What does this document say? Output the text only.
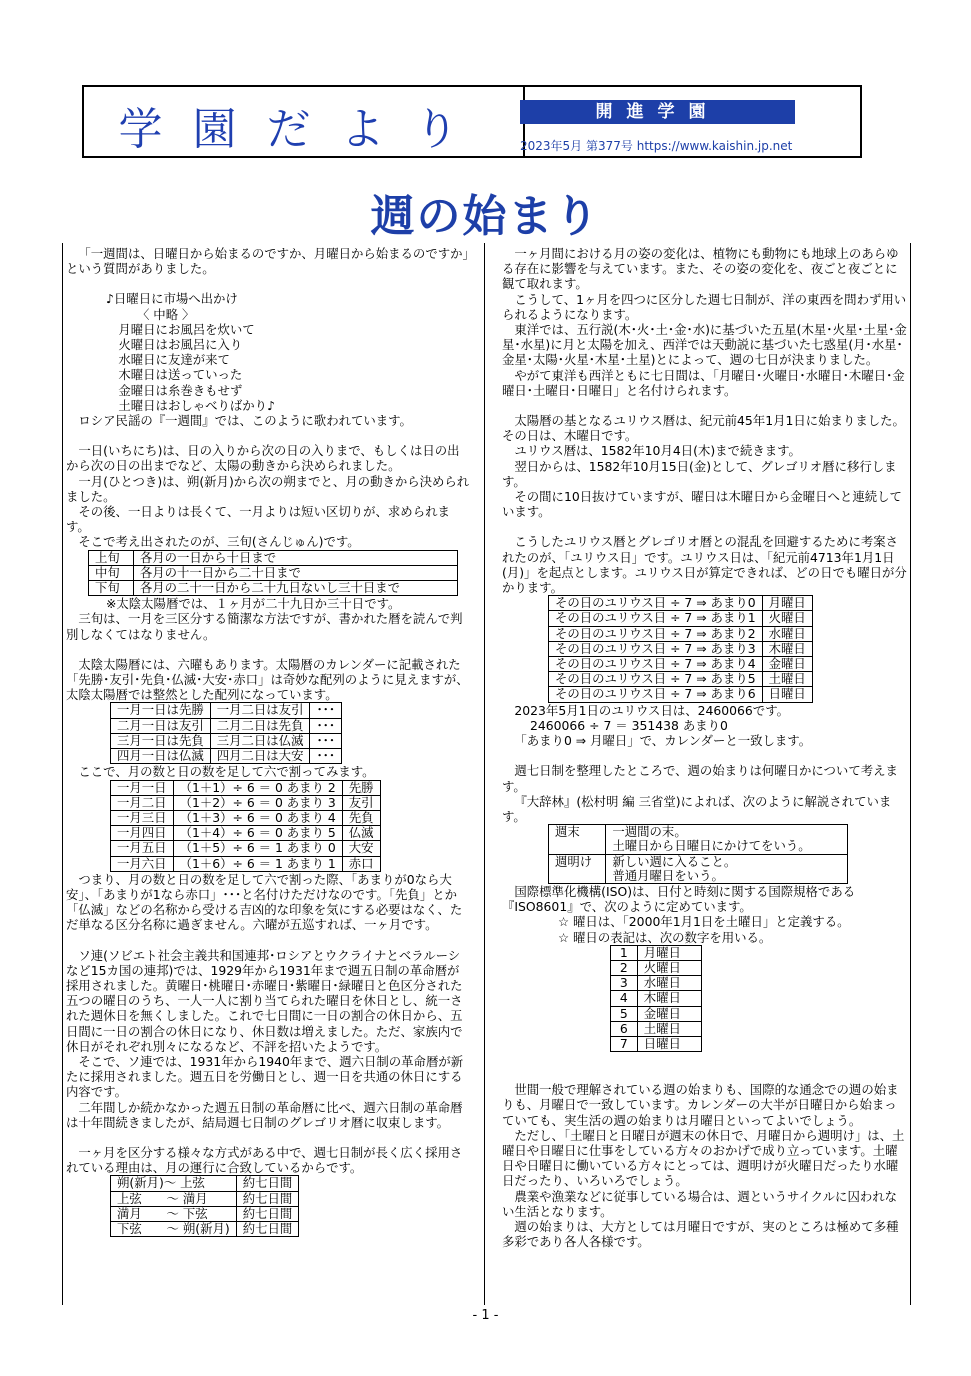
学園だより	開進学園
2023年5月 第377号 https://www.kaishin.jp.net
週の始まり

「一週間は、日曜日から始まるのですか、月曜日から始まるのですか」という質問がありました。

♪日曜日に市場へ出かけ
　　　〈 中略 〉
　月曜日にお風呂を炊いて
　火曜日はお風呂に入り
　水曜日に友達が来て
　木曜日は送っていった
　金曜日は糸巻きもせず
　土曜日はおしゃべりばかり♪

ロシア民謡の『一週間』では、このように歌われています。

一日(いちにち)は、日の入りから次の日の入りまで、もしくは日の出から次の日の出までなど、太陽の動きから決められました。

一月(ひとつき)は、朔(新月)から次の朔までと、月の動きから決められました。

その後、一日よりは長くて、一月よりは短い区切りが、求められます。

そこで考え出されたのが、三旬(さんじゅん)です。

上旬	各月の一日から十日まで
中旬	各月の十一日から二十日まで
下旬	各月の二十一日から二十九日ないし三十日まで

※太陰太陽暦では、１ヶ月が二十九日か三十日です。

三旬は、一月を三区分する簡潔な方法ですが、書かれた暦を読んで判別しなくてはなりません。

太陰太陽暦には、六曜もあります。太陽暦のカレンダーに記載された「先勝･友引･先負･仏滅･大安･赤口」は奇妙な配列のように見えますが、太陰太陽暦では整然とした配列になっています。

一月一日は先勝	一月二日は友引	･･･
二月一日は友引	二月二日は先負	･･･
三月一日は先負	三月二日は仏滅	･･･
四月一日は仏滅	四月二日は大安	･･･

ここで、月の数と日の数を足して六で割ってみます。

一月一日	（1＋1）÷ 6 ＝ 0 あまり 2	先勝
一月二日	（1＋2）÷ 6 ＝ 0 あまり 3	友引
一月三日	（1＋3）÷ 6 ＝ 0 あまり 4	先負
一月四日	（1＋4）÷ 6 ＝ 0 あまり 5	仏滅
一月五日	（1＋5）÷ 6 ＝ 1 あまり 0	大安
一月六日	（1＋6）÷ 6 ＝ 1 あまり 1	赤口

つまり、月の数と日の数を足して六で割った際、「あまりが0なら大安」、「あまりが1なら赤口」･･･と名付けただけなのです。「先負」とか「仏滅」などの名称から受ける吉凶的な印象を気にする必要はなく、ただ単なる区分名称に過ぎません。六曜が五巡すれば、一ヶ月です。

ソ連(ソビエト社会主義共和国連邦･ロシアとウクライナとベラルーシなど15カ国の連邦)では、1929年から1931年まで週五日制の革命暦が採用されました。黄曜日･桃曜日･赤曜日･紫曜日･緑曜日と色区分された五つの曜日のうち、一人一人に割り当てられた曜日を休日とし、統一された週休日を無くしました。これで七日間に一日の割合の休日から、五日間に一日の割合の休日になり、休日数は増えました。ただ、家族内で休日がそれぞれ別々になるなど、不評を招いたようです。

そこで、ソ連では、1931年から1940年まで、週六日制の革命暦が新たに採用されました。週五日を労働日とし、週一日を共通の休日にする内容です。

二年間しか続かなかった週五日制の革命暦に比べ、週六日制の革命暦は十年間続きましたが、結局週七日制のグレゴリオ暦に収束します。

一ヶ月を区分する様々な方式がある中で、週七日制が長く広く採用されている理由は、月の運行に合致しているからです。

朔(新月)～ 上弦	約七日間
上弦　　～ 満月	約七日間
満月　　～ 下弦	約七日間
下弦　　～ 朔(新月)	約七日間

一ヶ月間における月の姿の変化は、植物にも動物にも地球上のあらゆる存在に影響を与えています。また、その姿の変化を、夜ごと夜ごとに観て取れます。

こうして、1ヶ月を四つに区分した週七日制が、洋の東西を問わず用いられるようになります。

東洋では、五行説(木･火･土･金･水)に基づいた五星(木星･火星･土星･金星･水星)に月と太陽を加え、西洋では天動説に基づいた七惑星(月･水星･金星･太陽･火星･木星･土星)とによって、週の七日が決まりました。

やがて東洋も西洋ともに七日間は、「月曜日･火曜日･水曜日･木曜日･金曜日･土曜日･日曜日」と名付けられます。

太陽暦の基となるユリウス暦は、紀元前45年1月1日に始まりました。その日は、木曜日です。

ユリウス暦は、1582年10月4日(木)まで続きます。

翌日からは、1582年10月15日(金)として、グレゴリオ暦に移行します。

その間に10日抜けていますが、曜日は木曜日から金曜日へと連続しています。

こうしたユリウス暦とグレゴリオ暦との混乱を回避するために考案されたのが、「ユリウス日」です。ユリウス日は、「紀元前4713年1月1日(月)」を起点とします。ユリウス日が算定できれば、どの日でも曜日が分かります。

その日のユリウス日 ÷ 7 ⇒ あまり0	月曜日
その日のユリウス日 ÷ 7 ⇒ あまり1	火曜日
その日のユリウス日 ÷ 7 ⇒ あまり2	水曜日
その日のユリウス日 ÷ 7 ⇒ あまり3	木曜日
その日のユリウス日 ÷ 7 ⇒ あまり4	金曜日
その日のユリウス日 ÷ 7 ⇒ あまり5	土曜日
その日のユリウス日 ÷ 7 ⇒ あまり6	日曜日

2023年5月1日のユリウス日は、2460066です。

2460066 ÷ 7 ＝ 351438 あまり0

「あまり0 ⇒ 月曜日」で、カレンダーと一致します。

週七日制を整理したところで、週の始まりは何曜日かについて考えます。

『大辞林』(松村明 編 三省堂)によれば、次のように解説されています。

週末	一週間の末。
	土曜日から日曜日にかけてをいう。
週明け	新しい週に入ること。
	普通月曜日をいう。

国際標準化機構(ISO)は、日付と時刻に関する国際規格である『ISO8601』で、次のように定めています。

☆ 曜日は、「2000年1月1日を土曜日」と定義する。

☆ 曜日の表記は、次の数字を用いる。

1	月曜日
2	火曜日
3	水曜日
4	木曜日
5	金曜日
6	土曜日
7	日曜日

世間一般で理解されている週の始まりも、国際的な通念での週の始まりも、月曜日で一致しています。カレンダーの大半が日曜日から始まっていても、実生活の週の始まりは月曜日といってよいでしょう。

ただし、「土曜日と日曜日が週末の休日で、月曜日から週明け」は、土曜日や日曜日に仕事をしている方々のおかげで成り立っています。土曜日や日曜日に働いている方々にとっては、週明けが火曜日だったり水曜日だったり、いろいろでしょう。

農業や漁業などに従事している場合は、週というサイクルに囚われない生活となります。

週の始まりは、大方としては月曜日ですが、実のところは極めて多種多彩であり各人各様です。

- 1 -
